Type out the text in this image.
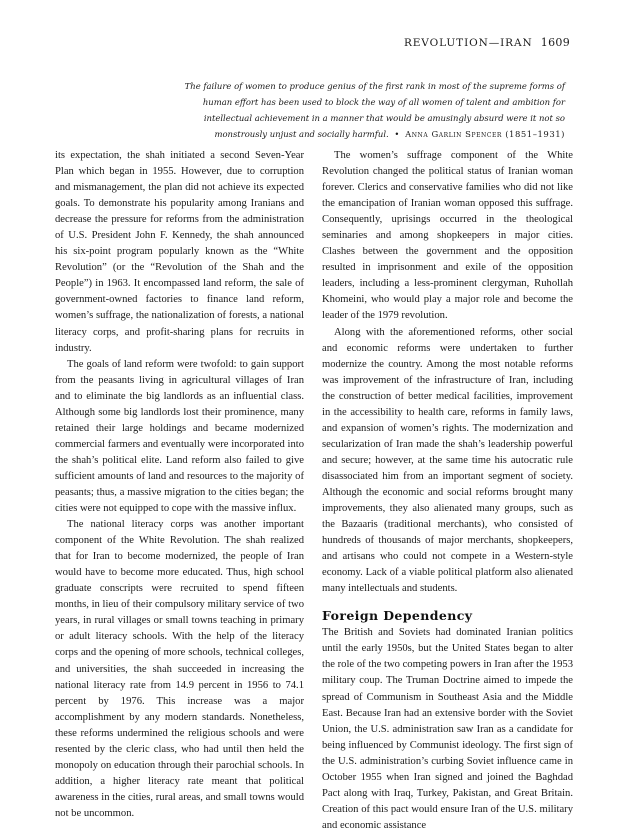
REVOLUTION—IRAN 1609
The failure of women to produce genius of the first rank in most of the supreme forms of human effort has been used to block the way of all women of talent and ambition for intellectual achievement in a manner that would be amusingly absurd were it not so monstrously unjust and socially harmful. • Anna Garlin Spencer (1851–1931)

its expectation, the shah initiated a second Seven-Year Plan which began in 1955. However, due to corruption and mismanagement, the plan did not achieve its expected goals. To demonstrate his popularity among Iranians and decrease the pressure for reforms from the administration of U.S. President John F. Kennedy, the shah announced his six-point program popularly known as the “White Revolution” (or the “Revolution of the Shah and the People”) in 1963. It encompassed land reform, the sale of government-owned factories to finance land reform, women’s suffrage, the nationalization of forests, a national literacy corps, and profit-sharing plans for recruits in industry.

The goals of land reform were twofold: to gain support from the peasants living in agricultural villages of Iran and to eliminate the big landlords as an influential class. Although some big landlords lost their prominence, many retained their large holdings and became modernized commercial farmers and eventually were incorporated into the shah’s political elite. Land reform also failed to give sufficient amounts of land and resources to the majority of peasants; thus, a massive migration to the cities began; the cities were not equipped to cope with the massive influx.

The national literacy corps was another important component of the White Revolution. The shah realized that for Iran to become modernized, the people of Iran would have to become more educated. Thus, high school graduate conscripts were recruited to spend fifteen months, in lieu of their compulsory military service of two years, in rural villages or small towns teaching in primary or adult literacy schools. With the help of the literacy corps and the opening of more schools, technical colleges, and universities, the shah succeeded in increasing the national literacy rate from 14.9 percent in 1956 to 74.1 percent by 1976. This increase was a major accomplishment by any modern standards. Nonetheless, these reforms undermined the religious schools and were resented by the cleric class, who had until then held the monopoly on education through their parochial schools. In addition, a higher literacy rate meant that political awareness in the cities, rural areas, and small towns would not be uncommon.

The women’s suffrage component of the White Revolution changed the political status of Iranian woman forever. Clerics and conservative families who did not like the emancipation of Iranian woman opposed this suffrage. Consequently, uprisings occurred in the theological seminaries and among shopkeepers in major cities. Clashes between the government and the opposition resulted in imprisonment and exile of the opposition leaders, including a less-prominent clergyman, Ruhollah Khomeini, who would play a major role and become the leader of the 1979 revolution.

Along with the aforementioned reforms, other social and economic reforms were undertaken to further modernize the country. Among the most notable reforms was improvement of the infrastructure of Iran, including the construction of better medical facilities, improvement in the accessibility to health care, reforms in family laws, and expansion of women’s rights. The modernization and secularization of Iran made the shah’s leadership powerful and secure; however, at the same time his autocratic rule disassociated him from an important segment of society. Although the economic and social reforms brought many improvements, they also alienated many groups, such as the Bazaaris (traditional merchants), who consisted of hundreds of thousands of major merchants, shopkeepers, and artisans who could not compete in a Western-style economy. Lack of a viable political platform also alienated many intellectuals and students.

Foreign Dependency

The British and Soviets had dominated Iranian politics until the early 1950s, but the United States began to alter the role of the two competing powers in Iran after the 1953 military coup. The Truman Doctrine aimed to impede the spread of Communism in Southeast Asia and the Middle East. Because Iran had an extensive border with the Soviet Union, the U.S. administration saw Iran as a candidate for being influenced by Communist ideology. The first sign of the U.S. administration’s curbing Soviet influence came in October 1955 when Iran signed and joined the Baghdad Pact along with Iraq, Turkey, Pakistan, and Great Britain. Creation of this pact would ensure Iran of the U.S. military and economic assistance
